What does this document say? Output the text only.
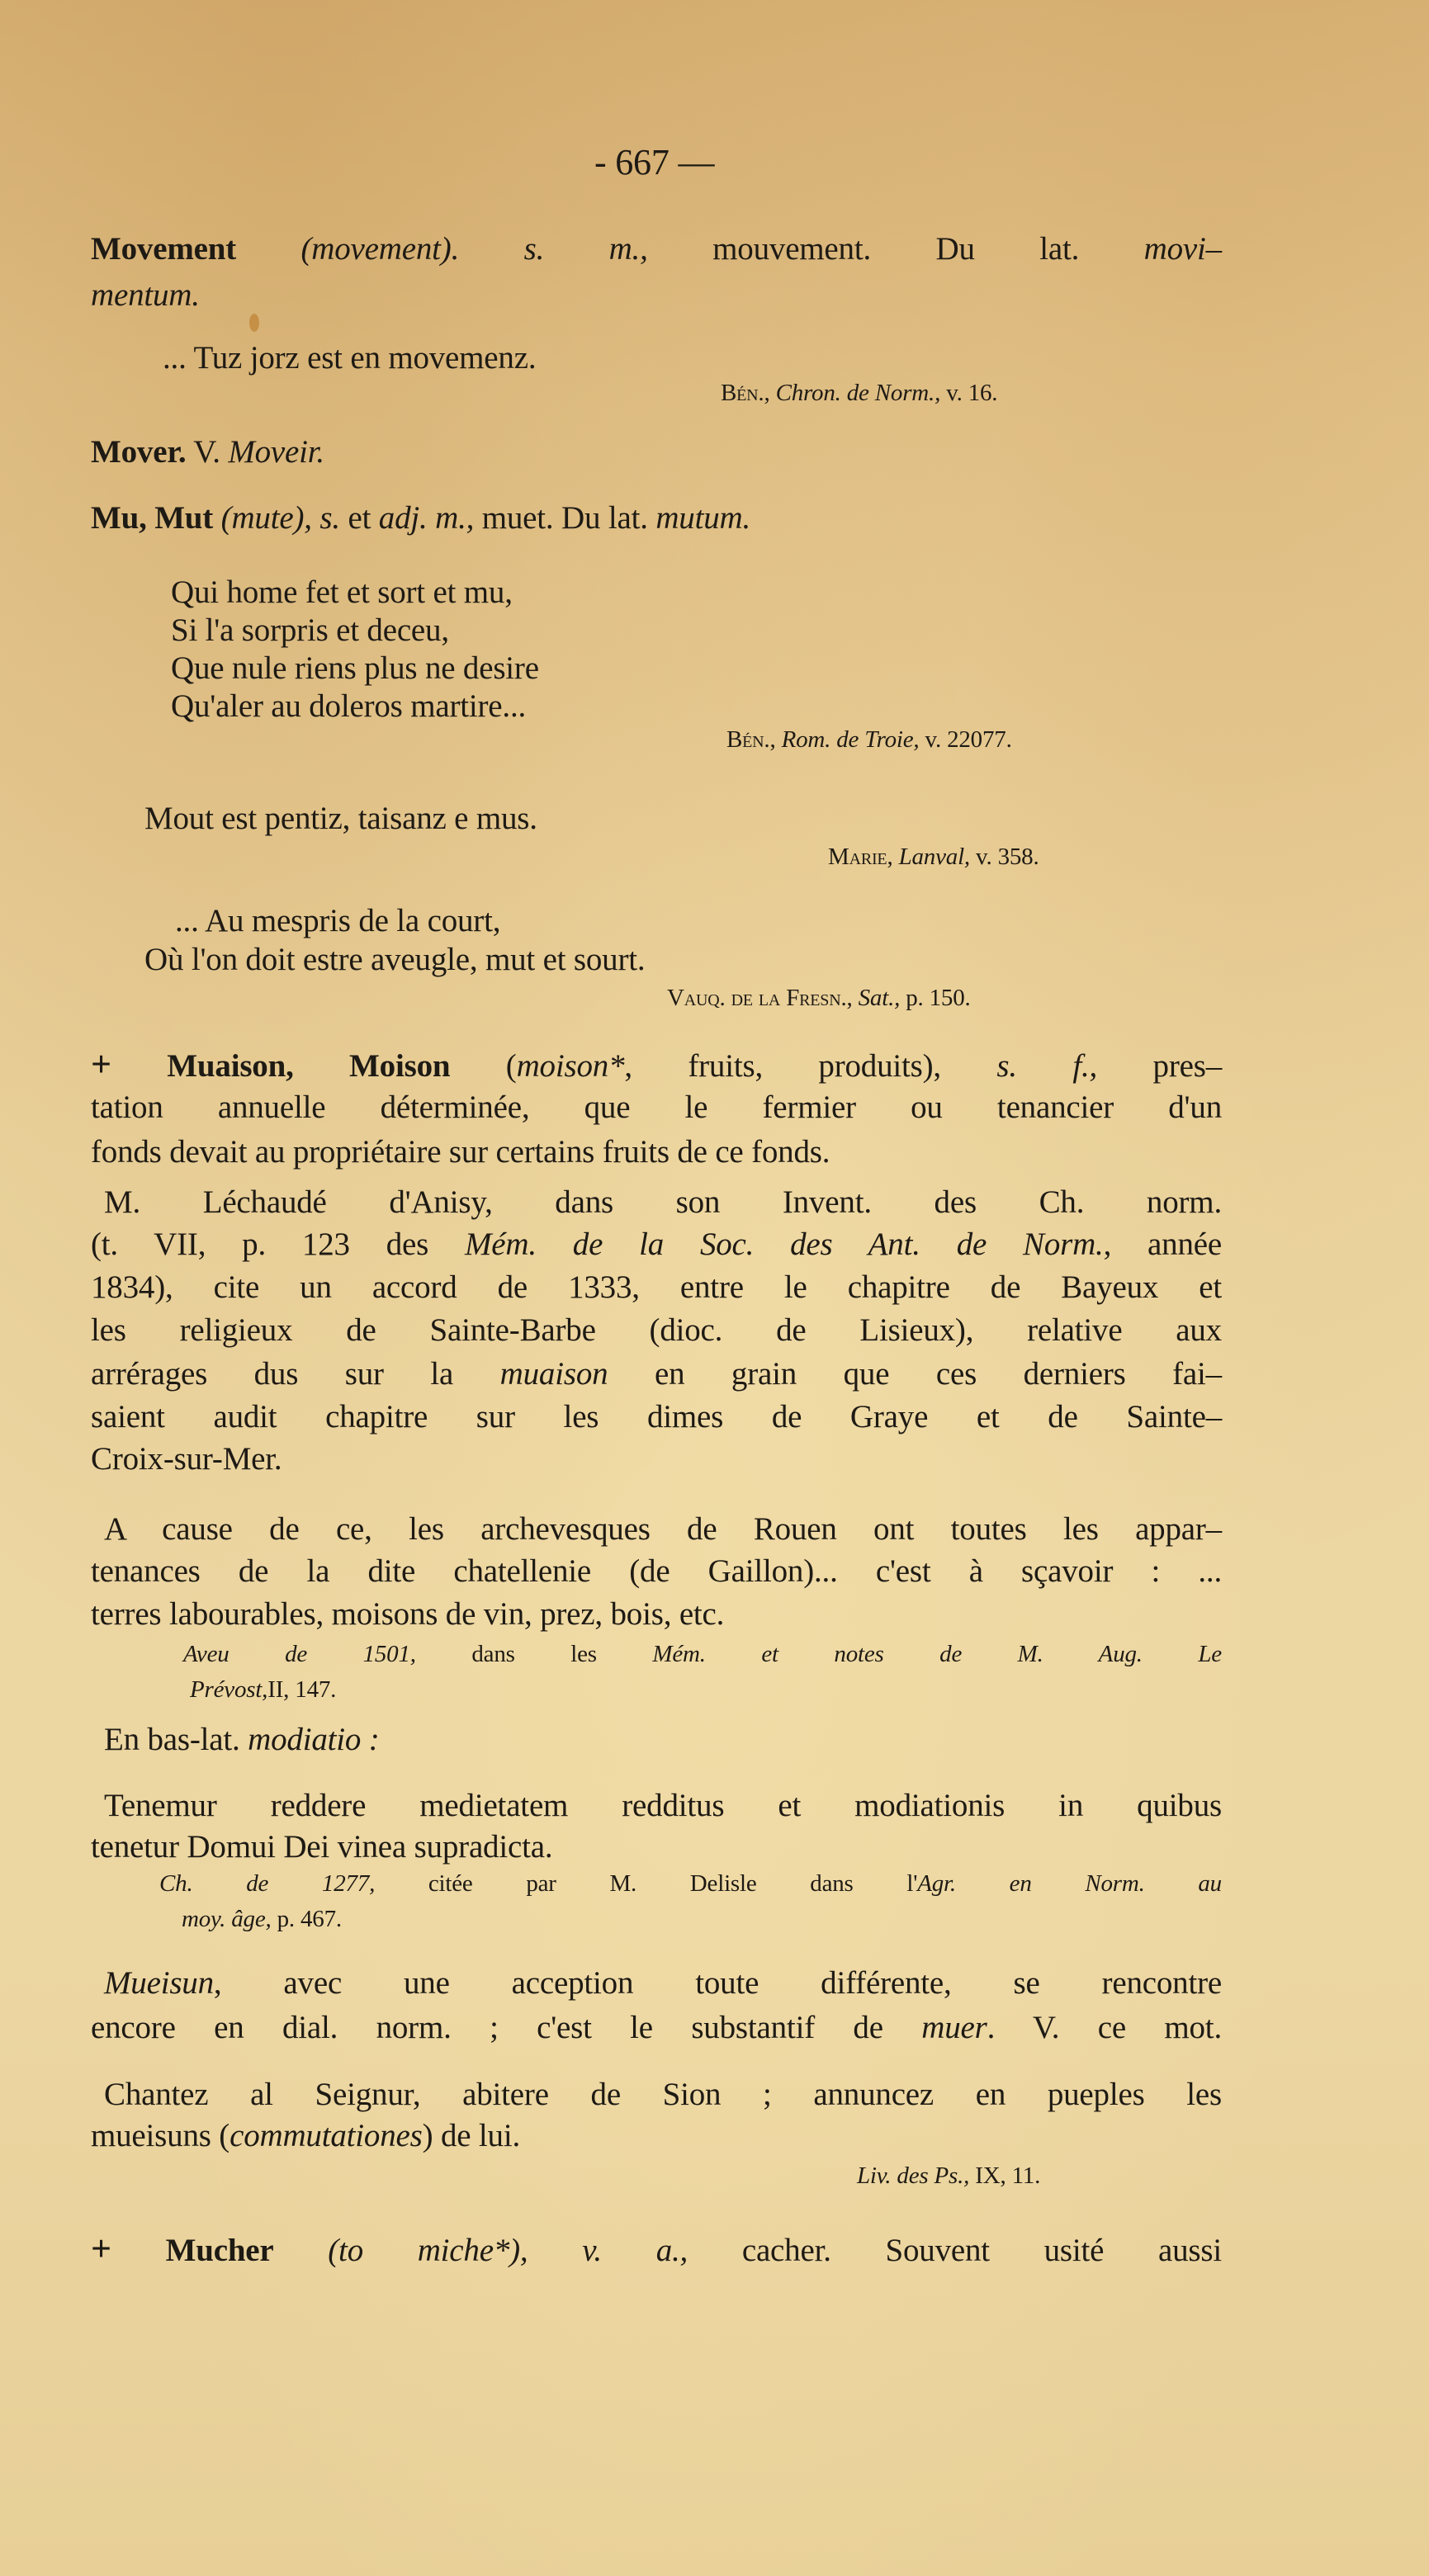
- 667 —
Movement (movement). s. m., mouvement. Du lat. movi–
mentum.
... Tuz jorz est en movemenz.
Bén., Chron. de Norm., v. 16.
Mover. V. Moveir.
Mu, Mut (mute), s. et adj. m., muet. Du lat. mutum.
Qui home fet et sort et mu,
Si l'a sorpris et deceu,
Que nule riens plus ne desire
Qu'aler au doleros martire...
Bén., Rom. de Troie, v. 22077.
Mout est pentiz, taisanz e mus.
Marie, Lanval, v. 358.
... Au mespris de la court,
Où l'on doit estre aveugle, mut et sourt.
Vauq. de la Fresn., Sat., p. 150.
+ Muaison, Moison (moison*, fruits, produits), s. f., pres–
tation annuelle déterminée, que le fermier ou tenancier d'un
fonds devait au propriétaire sur certains fruits de ce fonds.
M. Léchaudé d'Anisy, dans son Invent. des Ch. norm.
(t. VII, p. 123 des Mém. de la Soc. des Ant. de Norm., année
1834), cite un accord de 1333, entre le chapitre de Bayeux et
les religieux de Sainte-Barbe (dioc. de Lisieux), relative aux
arrérages dus sur la muaison en grain que ces derniers fai–
saient audit chapitre sur les dimes de Graye et de Sainte–
Croix-sur-Mer.
A cause de ce, les archevesques de Rouen ont toutes les appar–
tenances de la dite chatellenie (de Gaillon)... c'est à sçavoir : ...
terres labourables, moisons de vin, prez, bois, etc.
Aveu de 1501, dans les Mém. et notes de M. Aug. Le
Prévost,II, 147.
En bas-lat. modiatio :
Tenemur reddere medietatem redditus et modiationis in quibus
tenetur Domui Dei vinea supradicta.
Ch. de 1277, citée par M. Delisle dans l'Agr. en Norm. au
moy. âge, p. 467.
Mueisun, avec une acception toute différente, se rencontre
encore en dial. norm. ; c'est le substantif de muer. V. ce mot.
Chantez al Seignur, abitere de Sion ; annuncez en pueples les
mueisuns (commutationes) de lui.
Liv. des Ps., IX, 11.
+ Mucher (to miche*), v. a., cacher. Souvent usité aussi
